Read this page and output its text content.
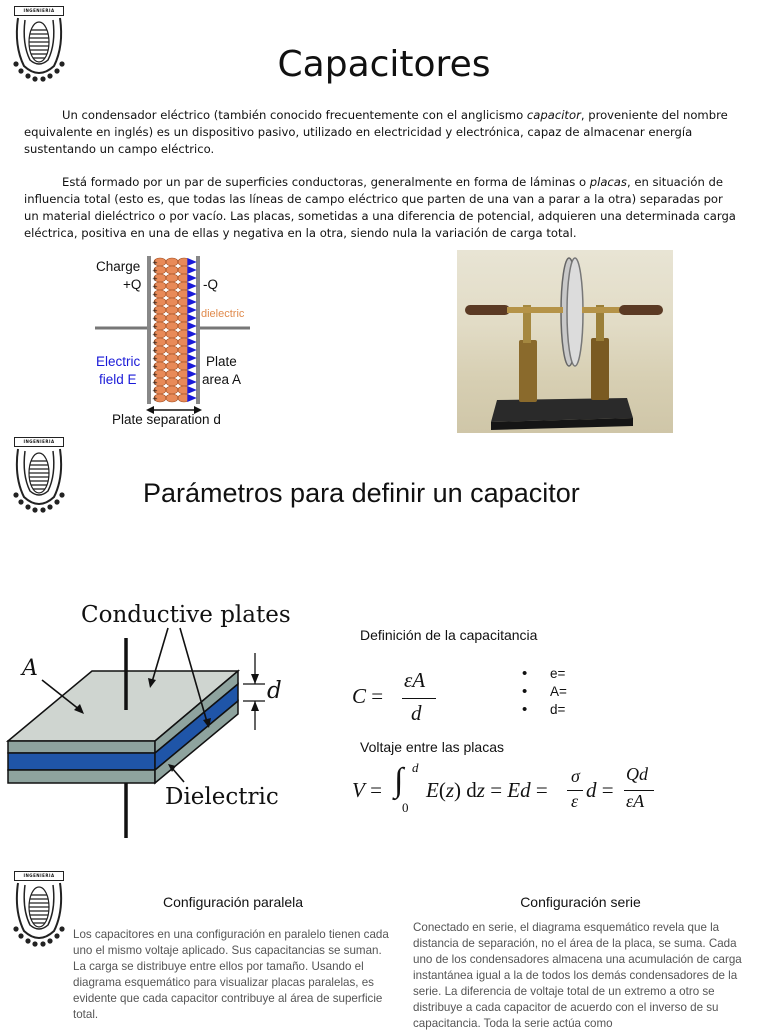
INGENIERIA
INGENIERIA
INGENIERIA
Capacitores
Un condensador eléctrico (también conocido frecuentemente con el anglicismo capacitor, proveniente del nombre equivalente en inglés) es un dispositivo pasivo, utilizado en electricidad y electrónica, capaz de almacenar energía sustentando un campo eléctrico.
Está formado por un par de superficies conductoras, generalmente en forma de láminas o placas, en situación de influencia total (esto es, que todas las líneas de campo eléctrico que parten de una van a parar a la otra) separadas por un material dieléctrico o por vacío. Las placas, sometidas a una diferencia de potencial, adquieren una determinada carga eléctrica, positiva en una de ellas y negativa en la otra, siendo nula la variación de carga total.
+
+
+
+
+
+
+
+
+
+
+
+
+
+
+
+
+
+
Charge
+Q	-Q
dielectric
Electric
field E
Plate
area A
Plate separation d
Parámetros para definir un capacitor
Conductive plates
A
d
Dielectric
Definición de la capacitancia
C =
εA
d
• e=
• A=
• d=
Voltaje entre las placas
V = ∫ d
0
E(z) dz = Ed =
σ
ε d =
Qd
εA
Configuración paralela
Los capacitores en una configuración en paralelo tienen cada uno el mismo voltaje aplicado. Sus capacitancias se suman. La carga se distribuye entre ellos por tamaño. Usando el diagrama esquemático para visualizar placas paralelas, es evidente que cada capacitor contribuye al área de superficie total.
Configuración serie
Conectado en serie, el diagrama esquemático revela que la distancia de separación, no el área de la placa, se suma. Cada uno de los condensadores almacena una acumulación de carga instantánea igual a la de todos los demás condensadores de la serie. La diferencia de voltaje total de un extremo a otro se distribuye a cada capacitor de acuerdo con el inverso de su capacitancia. Toda la serie actúa como
